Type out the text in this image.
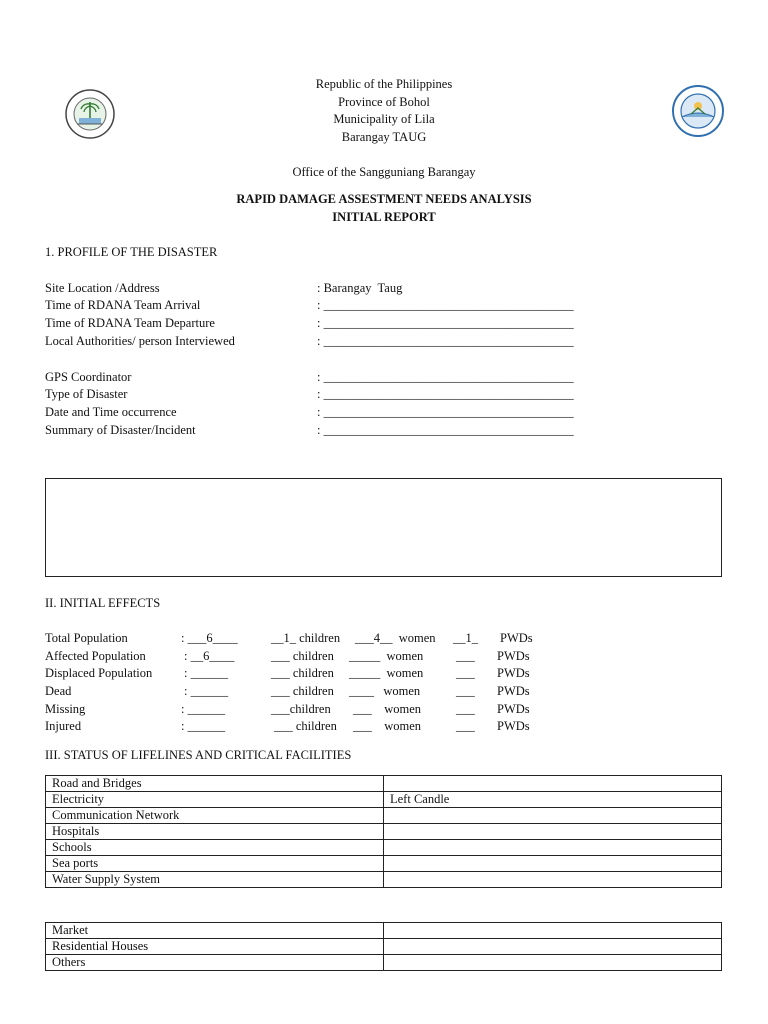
Republic of the Philippines
Province of Bohol
Municipality of Lila
Barangay TAUG
Office of the Sangguniang Barangay
RAPID DAMAGE ASSESTMENT NEEDS ANALYSIS
INITIAL REPORT
1. PROFILE OF THE DISASTER
Site Location /Address	: Barangay  Taug
Time of RDANA Team Arrival	: ________________________________________
Time of RDANA Team Departure	: ________________________________________
Local Authorities/ person Interviewed	: ________________________________________
GPS Coordinator	: ________________________________________
Type of Disaster	: ________________________________________
Date and Time occurrence	: ________________________________________
Summary of Disaster/Incident	: ________________________________________
II. INITIAL EFFECTS
Total Population	: ___6____	__1_ children ___4__  women __1_ PWDs
Affected Population	: __6____	___ children _____  women	___ PWDs
Displaced Population	: ______	___ children _____  women	___ PWDs
Dead	: ______	___ children ____   women	___ PWDs
Missing	: ______	___children ___    women	___ PWDs
Injured	: ______	___ children ___    women	___ PWDs
III. STATUS OF LIFELINES AND CRITICAL FACILITIES
Road and Bridges	
Electricity	Left Candle
Communication Network	
Hospitals	
Schools	
Sea ports	
Water Supply System	
Market	
Residential Houses	
Others	
